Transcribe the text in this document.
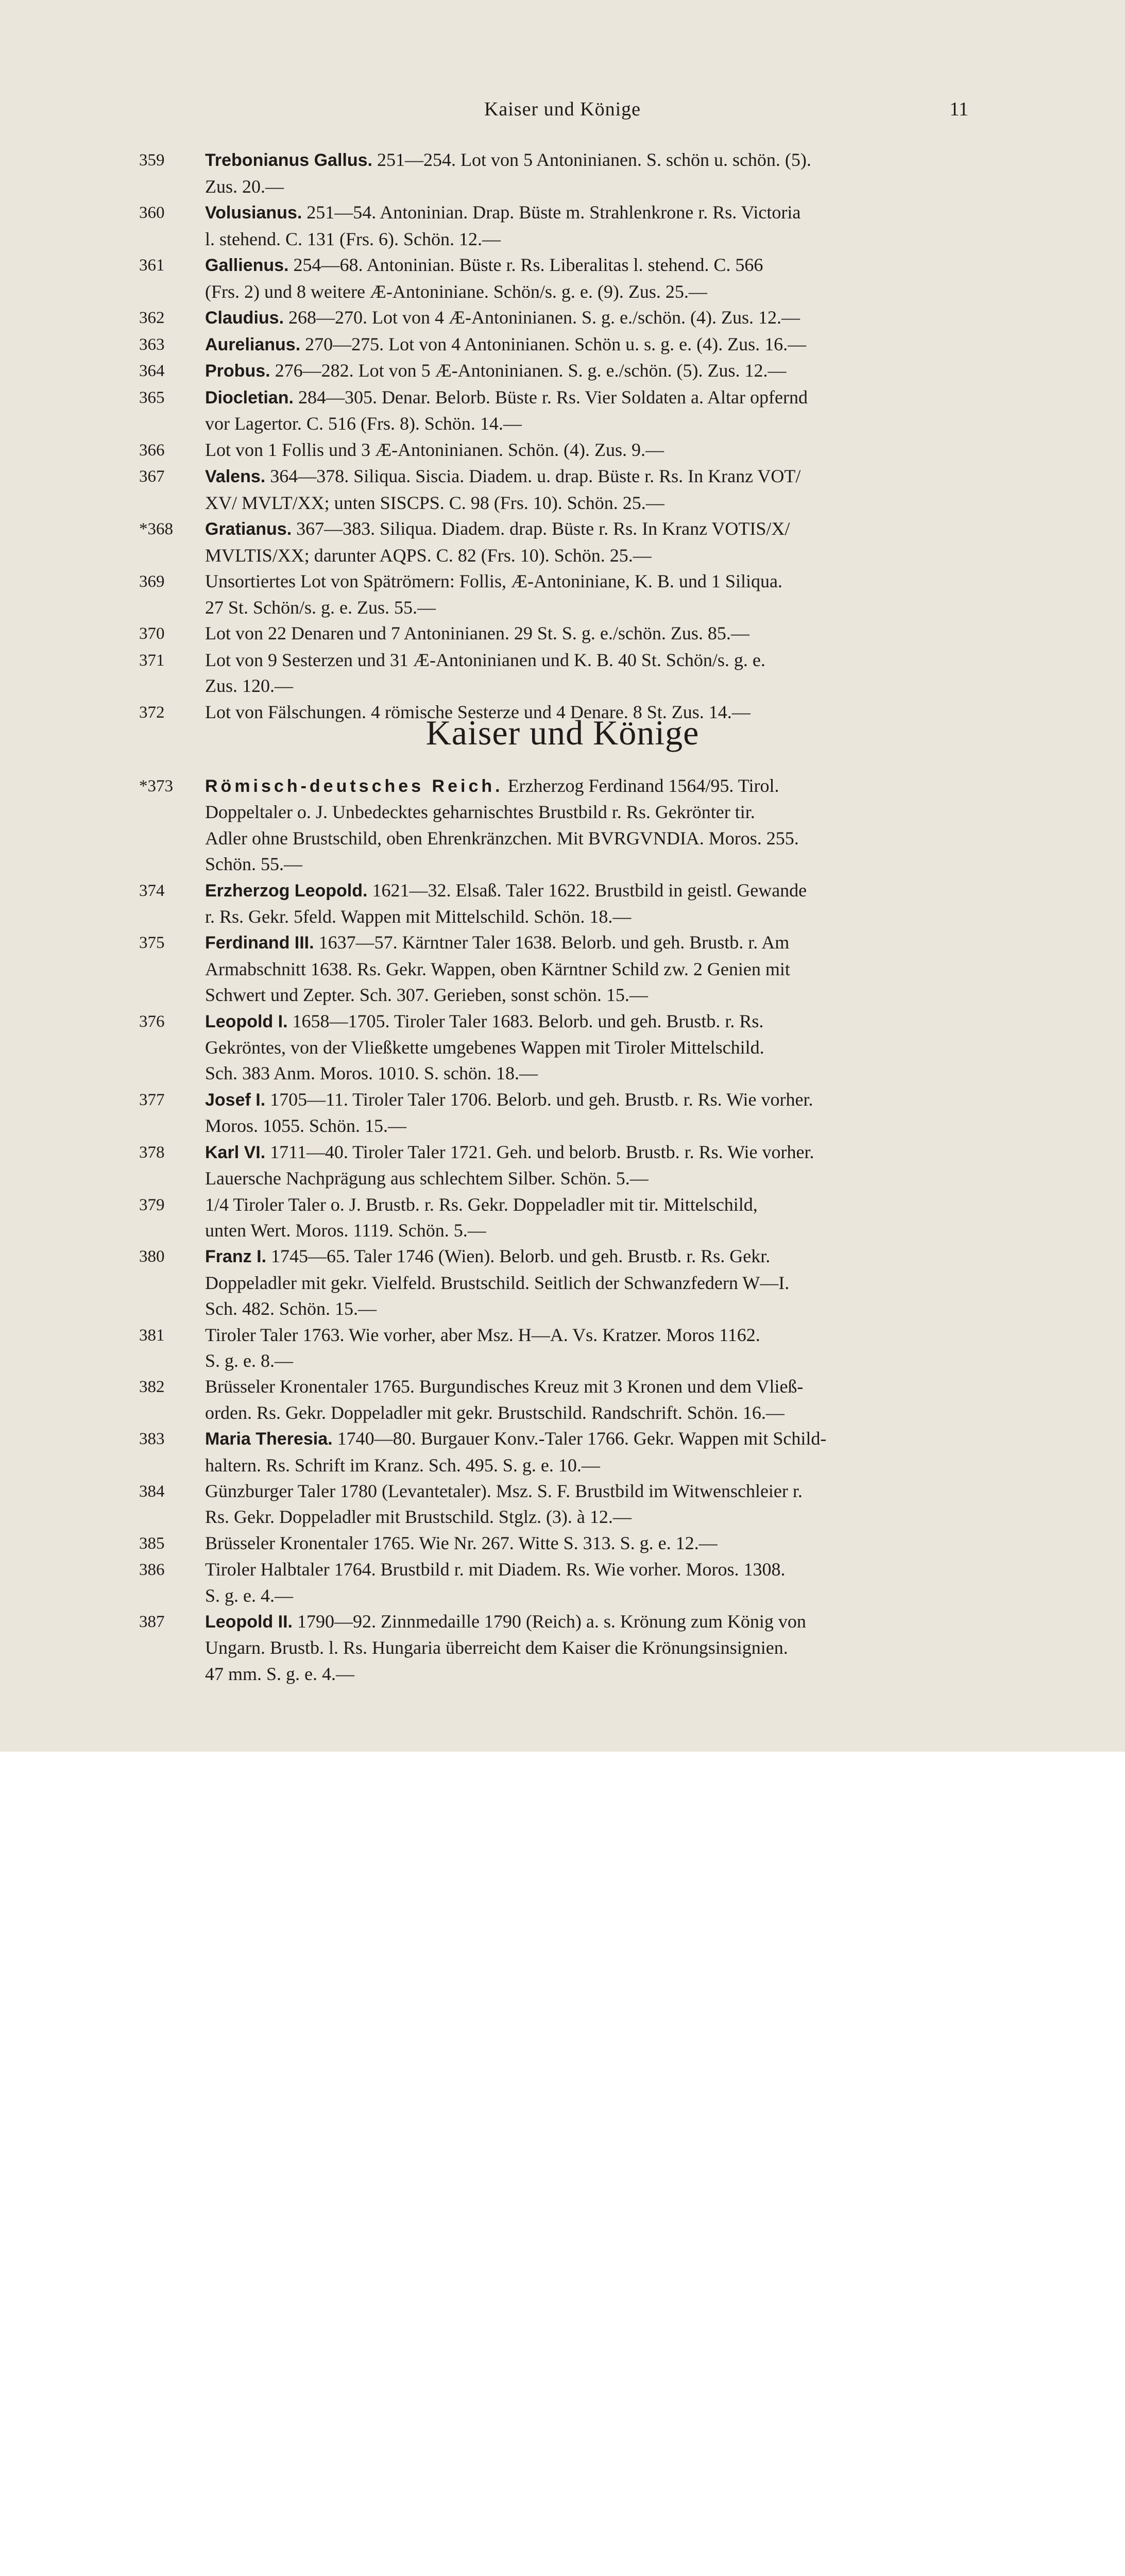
Kaiser und Könige	11
359	Trebonianus Gallus. 251—254. Lot von 5 Antoninianen. S. schön u. schön. (5).
Zus. 20.—
360	Volusianus. 251—54. Antoninian. Drap. Büste m. Strahlenkrone r. Rs. Victoria
l. stehend. C. 131 (Frs. 6). Schön. 12.—
361	Gallienus. 254—68. Antoninian. Büste r. Rs. Liberalitas l. stehend. C. 566
(Frs. 2) und 8 weitere Æ-Antoniniane. Schön/s. g. e. (9). Zus. 25.—
362	Claudius. 268—270. Lot von 4 Æ-Antoninianen. S. g. e./schön. (4). Zus. 12.—
363	Aurelianus. 270—275. Lot von 4 Antoninianen. Schön u. s. g. e. (4). Zus. 16.—
364	Probus. 276—282. Lot von 5 Æ-Antoninianen. S. g. e./schön. (5). Zus. 12.—
365	Diocletian. 284—305. Denar. Belorb. Büste r. Rs. Vier Soldaten a. Altar opfernd
vor Lagertor. C. 516 (Frs. 8). Schön. 14.—
366	Lot von 1 Follis und 3 Æ-Antoninianen. Schön. (4). Zus. 9.—
367	Valens. 364—378. Siliqua. Siscia. Diadem. u. drap. Büste r. Rs. In Kranz VOT/
XV/ MVLT/XX; unten SISCPS. C. 98 (Frs. 10). Schön. 25.—
*368	Gratianus. 367—383. Siliqua. Diadem. drap. Büste r. Rs. In Kranz VOTIS/X/
MVLTIS/XX; darunter AQPS. C. 82 (Frs. 10). Schön. 25.—
369	Unsortiertes Lot von Spätrömern: Follis, Æ-Antoniniane, K. B. und 1 Siliqua.
27 St. Schön/s. g. e. Zus. 55.—
370	Lot von 22 Denaren und 7 Antoninianen. 29 St. S. g. e./schön. Zus. 85.—
371	Lot von 9 Sesterzen und 31 Æ-Antoninianen und K. B. 40 St. Schön/s. g. e.
Zus. 120.—
372	Lot von Fälschungen. 4 römische Sesterze und 4 Denare. 8 St. Zus. 14.—
Kaiser und Könige
*373	Römisch-deutsches Reich. Erzherzog Ferdinand 1564/95. Tirol.
Doppeltaler o. J. Unbedecktes geharnischtes Brustbild r. Rs. Gekrönter tir.
Adler ohne Brustschild, oben Ehrenkränzchen. Mit BVRGVNDIA. Moros. 255.
Schön. 55.—
374	Erzherzog Leopold. 1621—32. Elsaß. Taler 1622. Brustbild in geistl. Gewande
r. Rs. Gekr. 5feld. Wappen mit Mittelschild. Schön. 18.—
375	Ferdinand III. 1637—57. Kärntner Taler 1638. Belorb. und geh. Brustb. r. Am
Armabschnitt 1638. Rs. Gekr. Wappen, oben Kärntner Schild zw. 2 Genien mit
Schwert und Zepter. Sch. 307. Gerieben, sonst schön. 15.—
376	Leopold I. 1658—1705. Tiroler Taler 1683. Belorb. und geh. Brustb. r. Rs.
Gekröntes, von der Vließkette umgebenes Wappen mit Tiroler Mittelschild.
Sch. 383 Anm. Moros. 1010. S. schön. 18.—
377	Josef I. 1705—11. Tiroler Taler 1706. Belorb. und geh. Brustb. r. Rs. Wie vorher.
Moros. 1055. Schön. 15.—
378	Karl VI. 1711—40. Tiroler Taler 1721. Geh. und belorb. Brustb. r. Rs. Wie vorher.
Lauersche Nachprägung aus schlechtem Silber. Schön. 5.—
379	1/4 Tiroler Taler o. J. Brustb. r. Rs. Gekr. Doppeladler mit tir. Mittelschild,
unten Wert. Moros. 1119. Schön. 5.—
380	Franz I. 1745—65. Taler 1746 (Wien). Belorb. und geh. Brustb. r. Rs. Gekr.
Doppeladler mit gekr. Vielfeld. Brustschild. Seitlich der Schwanzfedern W—I.
Sch. 482. Schön. 15.—
381	Tiroler Taler 1763. Wie vorher, aber Msz. H—A. Vs. Kratzer. Moros 1162.
S. g. e. 8.—
382	Brüsseler Kronentaler 1765. Burgundisches Kreuz mit 3 Kronen und dem Vließ-
orden. Rs. Gekr. Doppeladler mit gekr. Brustschild. Randschrift. Schön. 16.—
383	Maria Theresia. 1740—80. Burgauer Konv.-Taler 1766. Gekr. Wappen mit Schild-
haltern. Rs. Schrift im Kranz. Sch. 495. S. g. e. 10.—
384	Günzburger Taler 1780 (Levantetaler). Msz. S. F. Brustbild im Witwenschleier r.
Rs. Gekr. Doppeladler mit Brustschild. Stglz. (3). à 12.—
385	Brüsseler Kronentaler 1765. Wie Nr. 267. Witte S. 313. S. g. e. 12.—
386	Tiroler Halbtaler 1764. Brustbild r. mit Diadem. Rs. Wie vorher. Moros. 1308.
S. g. e. 4.—
387	Leopold II. 1790—92. Zinnmedaille 1790 (Reich) a. s. Krönung zum König von
Ungarn. Brustb. l. Rs. Hungaria überreicht dem Kaiser die Krönungsinsignien.
47 mm. S. g. e. 4.—
